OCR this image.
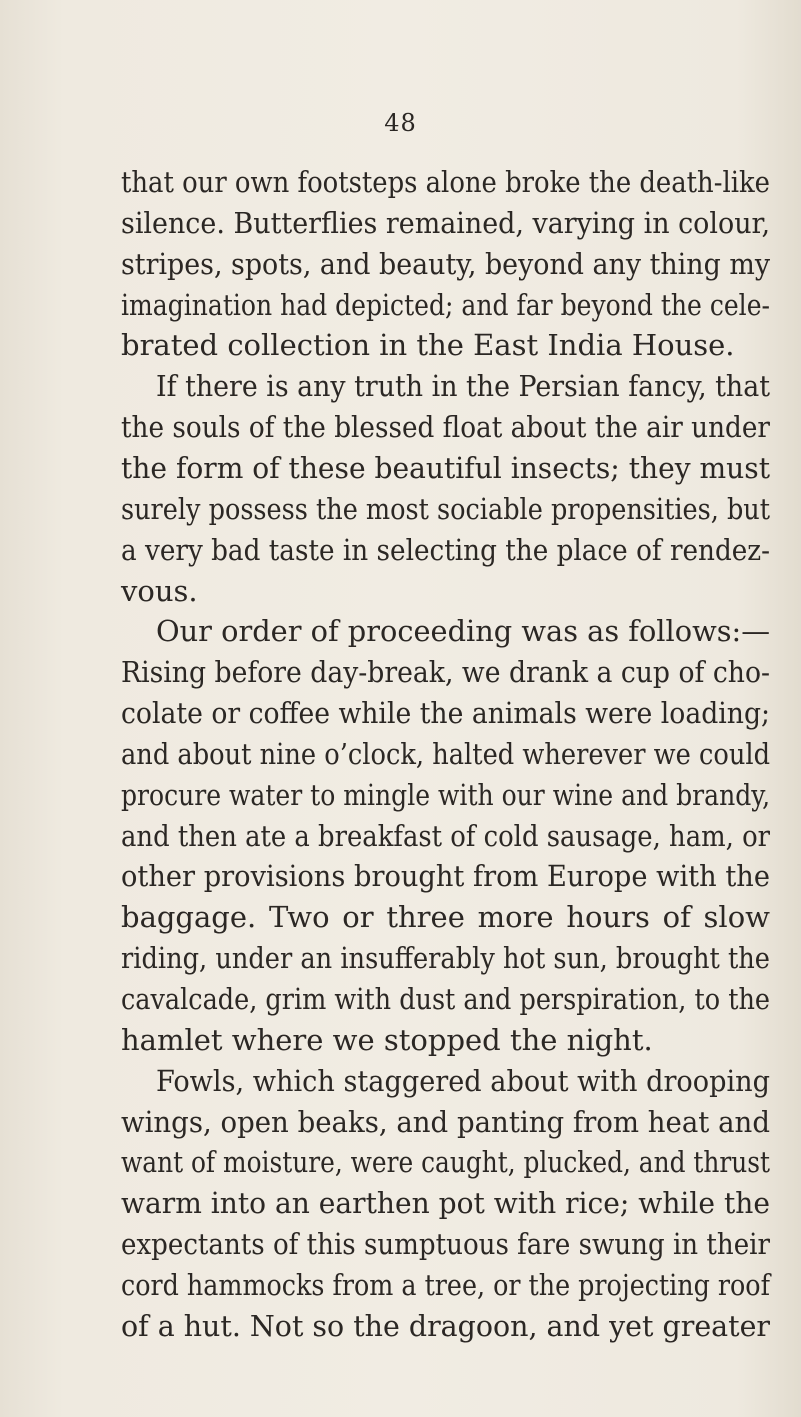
48
that our own footsteps alone broke the death-like
silence. Butterflies remained, varying in colour,
stripes, spots, and beauty, beyond any thing my
imagination had depicted; and far beyond the cele-
brated collection in the East India House.
If there is any truth in the Persian fancy, that
the souls of the blessed float about the air under
the form of these beautiful insects; they must
surely possess the most sociable propensities, but
a very bad taste in selecting the place of rendez-
vous.
Our order of proceeding was as follows:—
Rising before day-break, we drank a cup of cho-
colate or coffee while the animals were loading;
and about nine o’clock, halted wherever we could
procure water to mingle with our wine and brandy,
and then ate a breakfast of cold sausage, ham, or
other provisions brought from Europe with the
baggage. Two or three more hours of slow
riding, under an insufferably hot sun, brought the
cavalcade, grim with dust and perspiration, to the
hamlet where we stopped the night.
Fowls, which staggered about with drooping
wings, open beaks, and panting from heat and
want of moisture, were caught, plucked, and thrust
warm into an earthen pot with rice; while the
expectants of this sumptuous fare swung in their
cord hammocks from a tree, or the projecting roof
of a hut. Not so the dragoon, and yet greater
